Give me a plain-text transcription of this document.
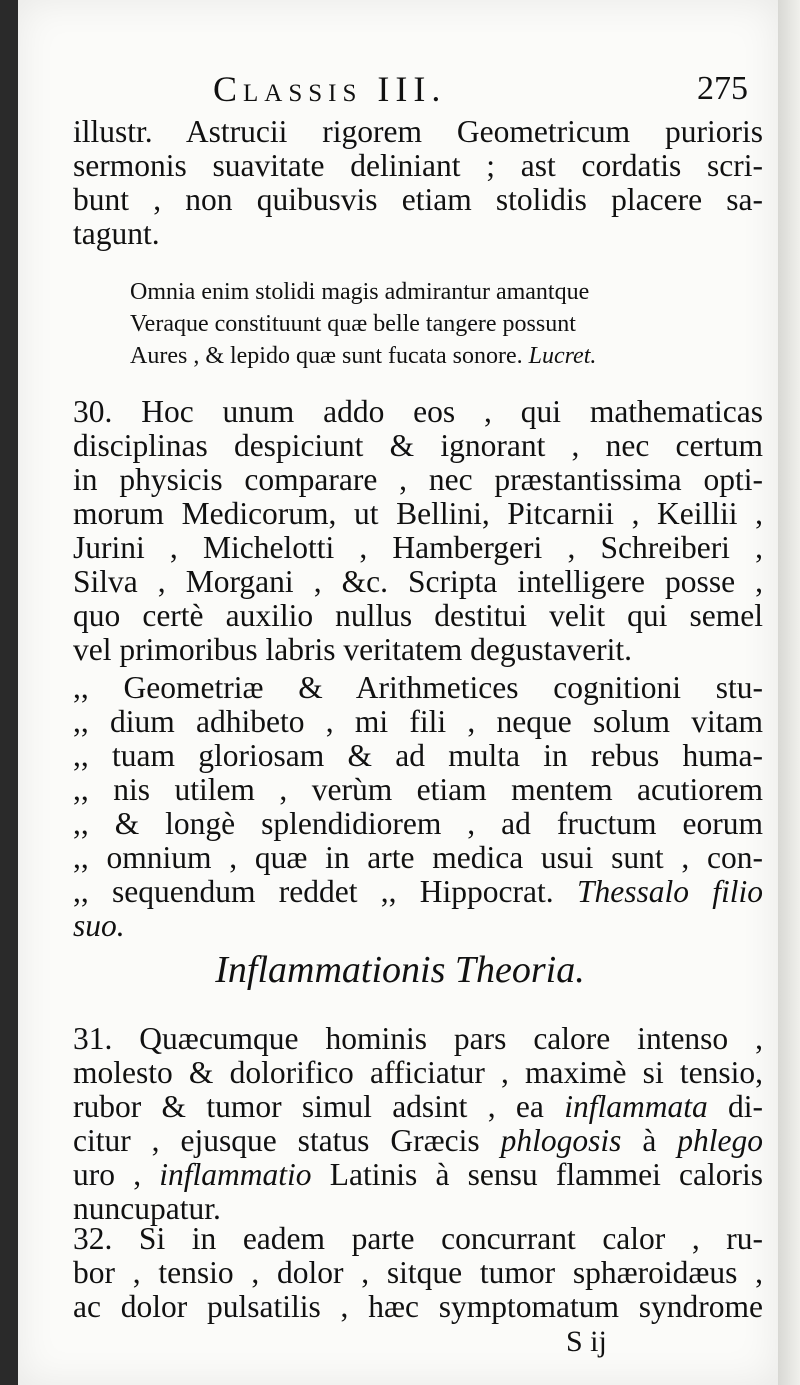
Classis III.	275
illustr. Astrucii rigorem Geometricum purioris
sermonis suavitate deliniant ; ast cordatis scri-
bunt , non quibusvis etiam stolidis placere sa-
tagunt.
Omnia enim stolidi magis admirantur amantque
Veraque constituunt quæ belle tangere possunt
Aures , & lepido quæ sunt fucata sonore. Lucret.
30. Hoc unum addo eos , qui mathematicas
disciplinas despiciunt & ignorant , nec certum
in physicis comparare , nec præstantissima opti-
morum Medicorum, ut Bellini, Pitcarnii , Keillii ,
Jurini , Michelotti , Hambergeri , Schreiberi ,
Silva , Morgani , &c. Scripta intelligere posse ,
quo certè auxilio nullus destitui velit qui semel
vel primoribus labris veritatem degustaverit.
,, Geometriæ & Arithmetices cognitioni stu-
,, dium adhibeto , mi fili , neque solum vitam
,, tuam gloriosam & ad multa in rebus huma-
,, nis utilem , verùm etiam mentem acutiorem
,, & longè splendidiorem , ad fructum eorum
,, omnium , quæ in arte medica usui sunt , con-
,, sequendum reddet ,, Hippocrat. Thessalo filio
suo.
Inflammationis Theoria.
31. Quæcumque hominis pars calore intenso ,
molesto & dolorifico afficiatur , maximè si tensio,
rubor & tumor simul adsint , ea inflammata di-
citur , ejusque status Græcis phlogosis à phlego
uro , inflammatio Latinis à sensu flammei caloris
nuncupatur.
32. Si in eadem parte concurrant calor , ru-
bor , tensio , dolor , sitque tumor sphæroidæus ,
ac dolor pulsatilis , hæc symptomatum syndrome
S ij
